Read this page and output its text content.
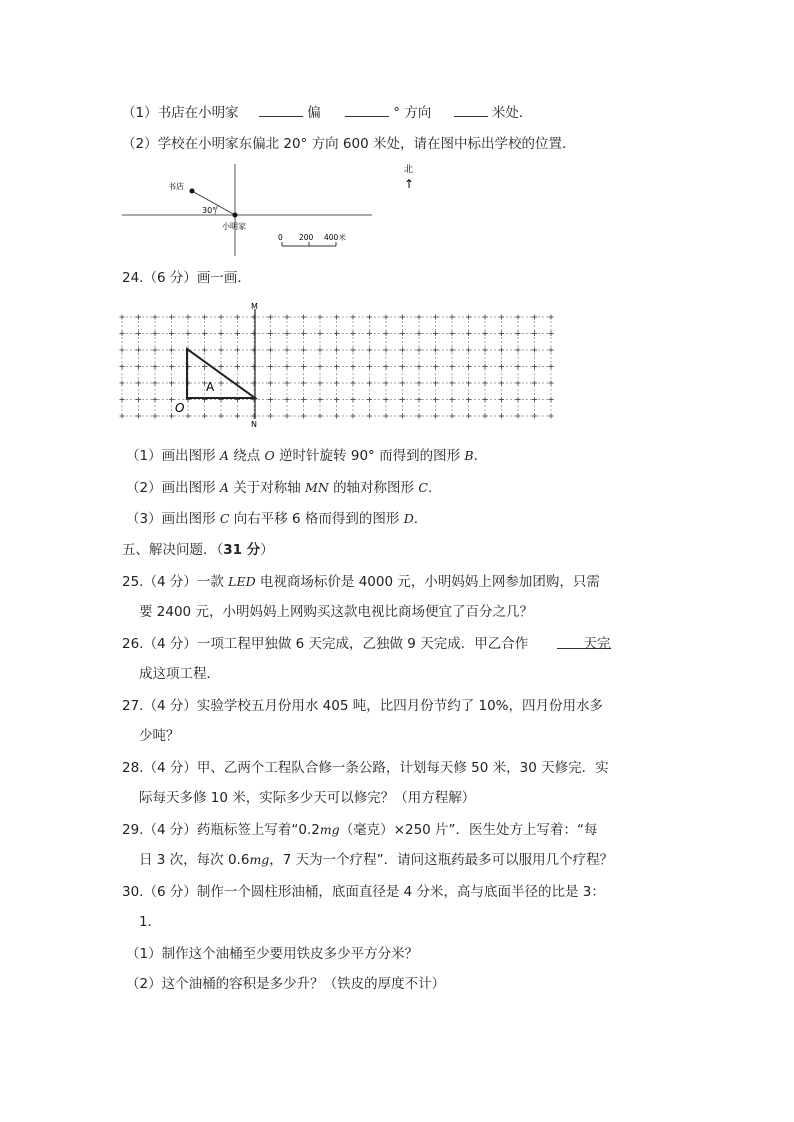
（1）书店在小明家	偏	° 方向	米处．
（2）学校在小明家东偏北 20° 方向 600 米处，请在图中标出学校的位置．
书店
30°
小明家
0 200 400米
北
↑
24.（6 分）画一画．
M
N
A
O
（1）画出图形 A 绕点 O 逆时针旋转 90° 而得到的图形 B.
（2）画出图形 A 关于对称轴 MN 的轴对称图形 C.
（3）画出图形 C 向右平移 6 格而得到的图形 D.
五、解决问题．（31 分）
25.（4 分）一款 LED 电视商场标价是 4000 元，小明妈妈上网参加团购，只需
要 2400 元，小明妈妈上网购买这款电视比商场便宜了百分之几？
26.（4 分）一项工程甲独做 6 天完成，乙独做 9 天完成．甲乙合作	天完
成这项工程．
27.（4 分）实验学校五月份用水 405 吨，比四月份节约了 10%，四月份用水多
少吨？
28.（4 分）甲、乙两个工程队合修一条公路，计划每天修 50 米，30 天修完．实
际每天多修 10 米，实际多少天可以修完？（用方程解）
29.（4 分）药瓶标签上写着“0.2mg（毫克）×250 片”．医生处方上写着：“每
日 3 次，每次 0.6mg，7 天为一个疗程”．请问这瓶药最多可以服用几个疗程？
30.（6 分）制作一个圆柱形油桶，底面直径是 4 分米，高与底面半径的比是 3：
1．
（1）制作这个油桶至少要用铁皮多少平方分米？
（2）这个油桶的容积是多少升？（铁皮的厚度不计）
